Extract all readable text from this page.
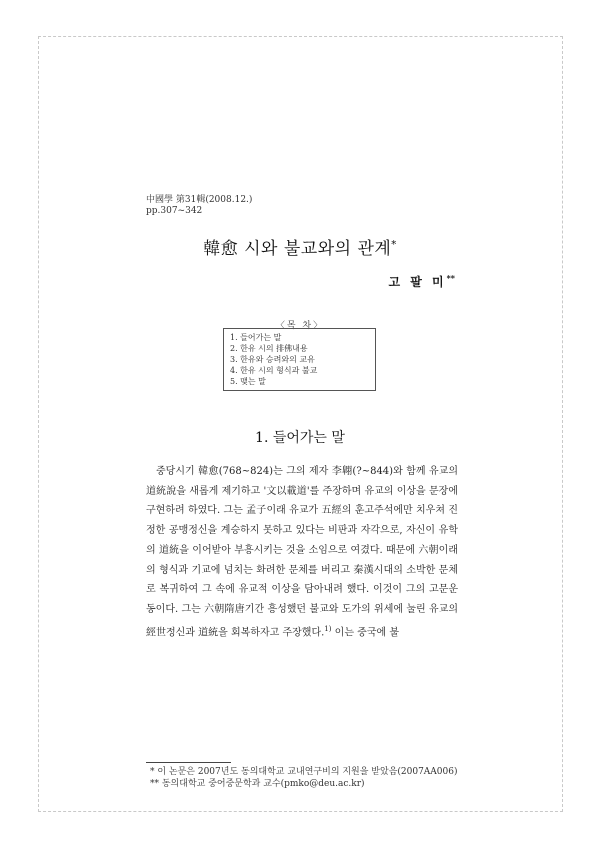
中國學 第31輯(2008.12.)
pp.307~342
韓愈 시와 불교와의 관계*
고 팔 미**
〈목 차〉
1. 들어가는 말
2. 한유 시의 排佛내용
3. 한유와 승려와의 교유
4. 한유 시의 형식과 불교
5. 맺는 말
1. 들어가는 말
중당시기 韓愈(768~824)는 그의 제자 李翺(?~844)와 함께 유교의 道統說을 새롭게 제기하고 '文以載道'를 주장하며 유교의 이상을 문장에 구현하려 하였다. 그는 孟子이래 유교가 五經의 훈고주석에만 치우쳐 진정한 공맹정신을 계승하지 못하고 있다는 비판과 자각으로, 자신이 유학의 道統을 이어받아 부흥시키는 것을 소임으로 여겼다. 때문에 六朝이래의 형식과 기교에 넘치는 화려한 문체를 버리고 秦漢시대의 소박한 문체로 복귀하여 그 속에 유교적 이상을 담아내려 했다. 이것이 그의 고문운동이다. 그는 六朝隋唐기간 흥성했던 불교와 도가의 위세에 눌린 유교의 經世정신과 道統을 회복하자고 주장했다.$^{1)}$ 이는 중국에 불
* 이 논문은 2007년도 동의대학교 교내연구비의 지원을 받았음(2007AA006)
** 동의대학교 중어중문학과 교수(pmko@deu.ac.kr)
